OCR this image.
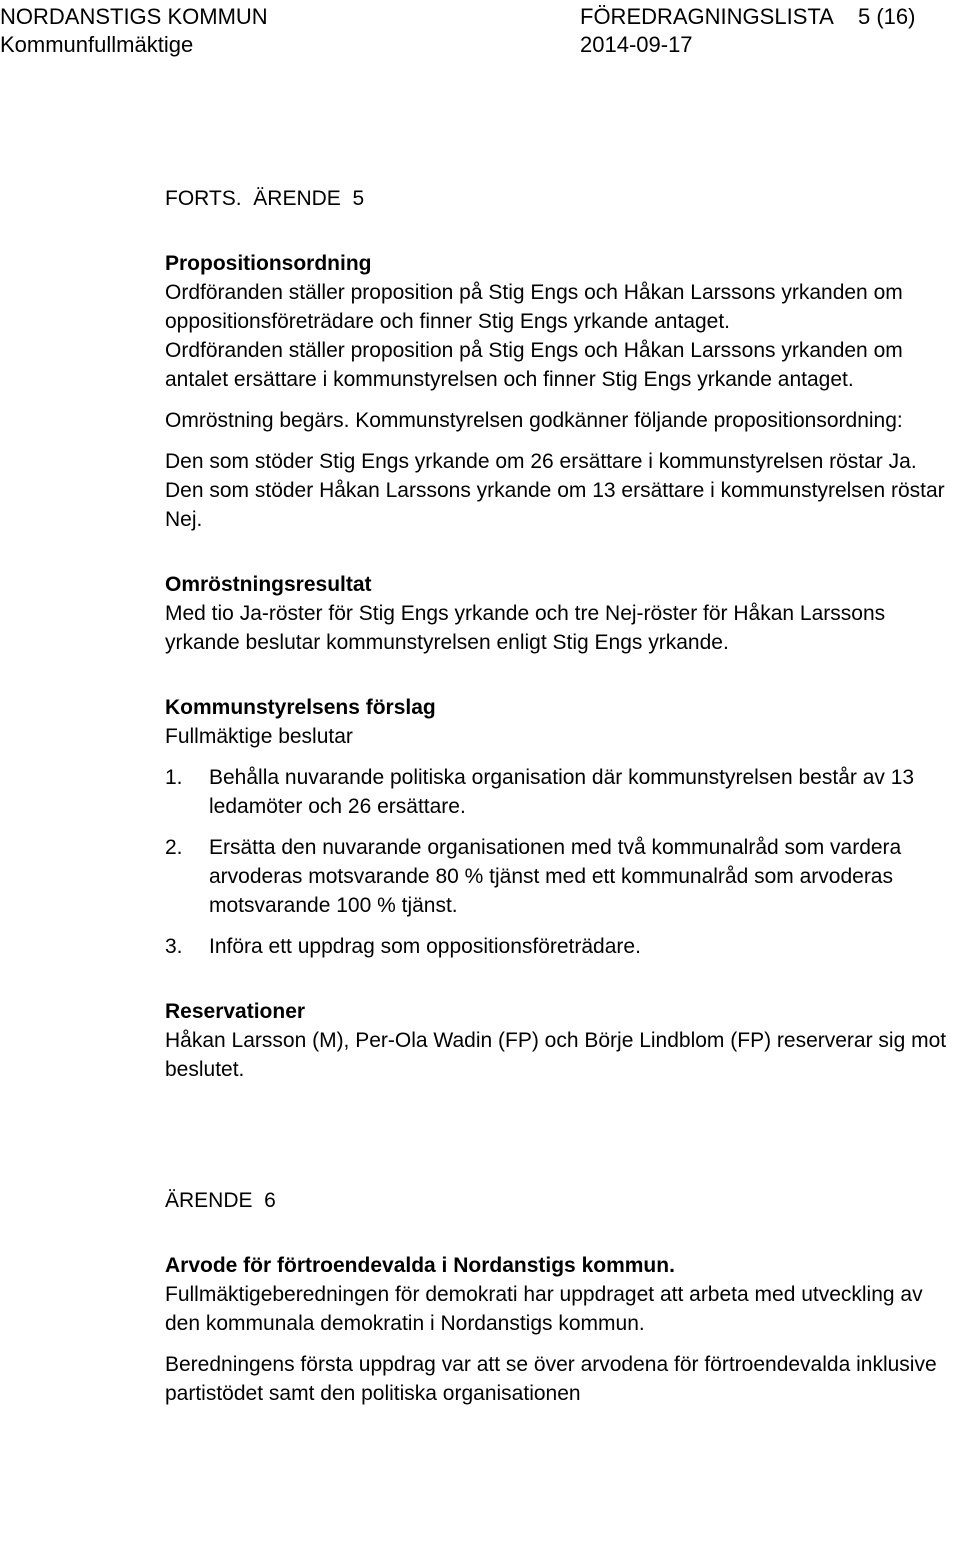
NORDANSTIGS KOMMUN	FÖREDRAGNINGSLISTA 5 (16)
Kommunfullmäktige	2014-09-17

FORTS.  ÄRENDE  5

Propositionsordning

Ordföranden ställer proposition på Stig Engs och Håkan Larssons yrkanden om oppositionsföreträdare och finner Stig Engs yrkande antaget.

Ordföranden ställer proposition på Stig Engs och Håkan Larssons yrkanden om antalet ersättare i kommunstyrelsen och finner Stig Engs yrkande antaget.

Omröstning begärs. Kommunstyrelsen godkänner följande propositionsordning:

Den som stöder Stig Engs yrkande om 26 ersättare i kommunstyrelsen röstar Ja.

Den som stöder Håkan Larssons yrkande om 13 ersättare i kommunstyrelsen röstar Nej.

Omröstningsresultat

Med tio Ja-röster för Stig Engs yrkande och tre Nej-röster för Håkan Larssons yrkande beslutar kommunstyrelsen enligt Stig Engs yrkande.

Kommunstyrelsens förslag

Fullmäktige beslutar

1.	Behålla nuvarande politiska organisation där kommunstyrelsen består av 13 ledamöter och 26 ersättare.
2.	Ersätta den nuvarande organisationen med två kommunalråd som vardera arvoderas motsvarande 80 % tjänst med ett kommunalråd som arvoderas motsvarande 100 % tjänst.
3.	Införa ett uppdrag som oppositionsföreträdare.

Reservationer

Håkan Larsson (M), Per-Ola Wadin (FP) och Börje Lindblom (FP) reserverar sig mot beslutet.

ÄRENDE  6

Arvode för förtroendevalda i Nordanstigs kommun.

Fullmäktigeberedningen för demokrati har uppdraget att arbeta med utveckling av den kommunala demokratin i Nordanstigs kommun.

Beredningens första uppdrag var att se över arvodena för förtroendevalda inklusive partistödet samt den politiska organisationen
